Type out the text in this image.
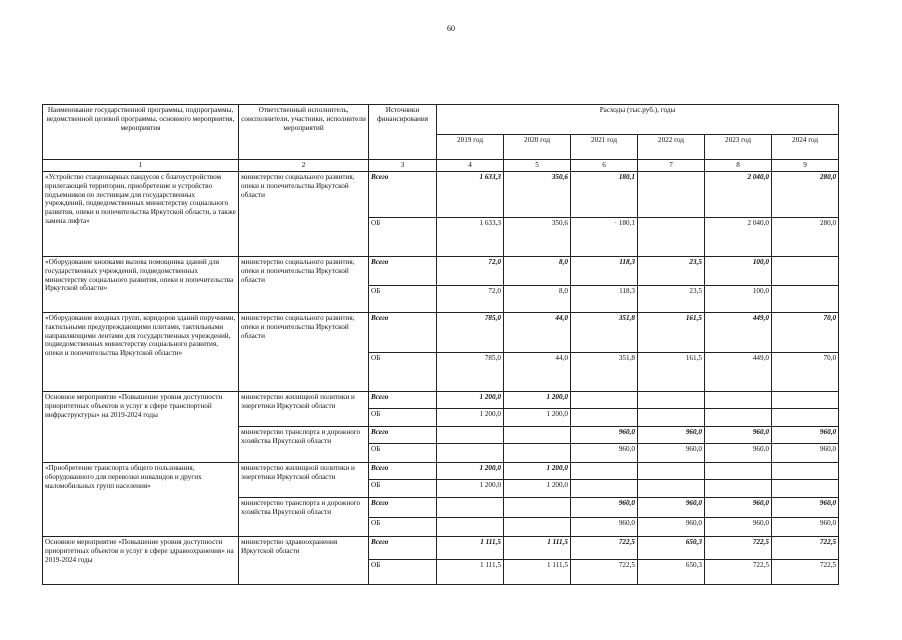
60
Наименование государственной программы, подпрограммы, ведомственной целевой программы, основного мероприятия, мероприятия	Ответственный исполнитель, соисполнители, участники, исполнители мероприятий	Источники финансирования	Расходы (тыс.руб.), годы					
			2019 год	2020 год	2021 год	2022 год	2023 год	2024 год
1	2	3	4	5	6	7	8	9
«Устройство стационарных пандусов с благоустройством прилегающей территории, приобретение и устройство подъемников по лестницам для государственных учреждений, подведомственных министерству социального развития, опеки и попечительства Иркутской области, а также замена лифта»	министерство социального развития, опеки и попечительства Иркутской области	Всего	1 633,3	350,6	180,1		2 040,0	280,0
		ОБ	1 633,3	350,6	· 180,1		2 040,0	280,0
«Оборудование кнопками вызова помощника зданий для государственных учреждений, подведомственных министерству социального развития, опеки и попечительства Иркутской области»	министерство социального развития, опеки и попечительства Иркутской области	Всего	72,0	8,0	118,3	23,5	100,0	
		ОБ	72,0	8,0	118,3	23,5	100,0	
«Оборудование входных групп, коридоров зданий поручнями, тактильными предупреждающими плитами, тактильными направляющими лентами для государственных учреждений, подведомственных министерству социального развития, опеки и попечительства Иркутской области»	министерство социального развития, опеки и попечительства Иркутской области	Всего	785,0	44,0	351,8	161,5	449,0	70,0
		ОБ	785,0	44,0	351,8	161,5	449,0	70,0
Основное мероприятие «Повышение уровня доступности приоритетных объектов и услуг в сфере транспортной инфраструктуры» на 2019-2024 годы	министерство жилищной политики и энергетики Иркутской области	Всего	1 200,0	1 200,0				
		ОБ	1 200,0	1 200,0				
	министерство транспорта и дорожного хозяйства Иркутской области	Всего			960,0	960,0	960,0	960,0
		ОБ			960,0	960,0	960,0	960,0
«Приобретение транспорта общего пользования, оборудованного для перевозки инвалидов и других маломобильных групп населения»	министерство жилищной политики и энергетики Иркутской области	Всего	1 200,0	1 200,0				
		ОБ	1 200,0	1 200,0				
	министерство транспорта и дорожного хозяйства Иркутской области	Всего			960,0	960,0	960,0	960,0
		ОБ			960,0	960,0	960,0	960,0
Основное мероприятие «Повышение уровня доступности приоритетных объектов и услуг в сфере здравоохранения» на 2019-2024 годы	министерство здравоохранения Иркутской области	Всего	1 111,5	1 111,5	722,5	650,3	722,5	722,5
		ОБ	1 111,5	1 111,5	722,5	650,3	722,5	722,5
